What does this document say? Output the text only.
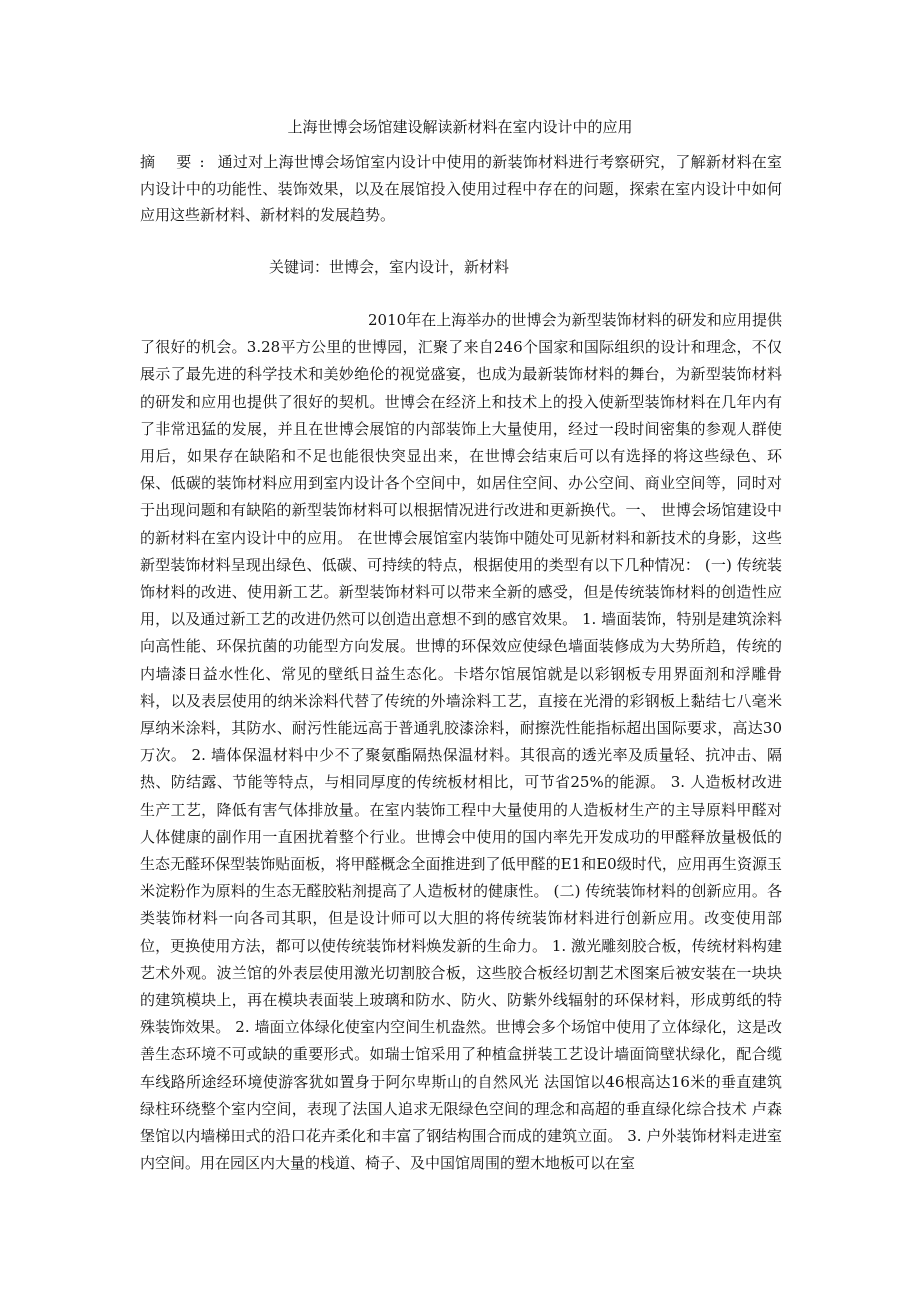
上海世博会场馆建设解读新材料在室内设计中的应用

摘 要: 通过对上海世博会场馆室内设计中使用的新装饰材料进行考察研究，了解新材料在室内设计中的功能性、装饰效果，以及在展馆投入使用过程中存在的问题，探索在室内设计中如何应用这些新材料、新材料的发展趋势。

关键词：世博会，室内设计，新材料

2010年在上海举办的世博会为新型装饰材料的研发和应用提供了很好的机会。3.28平方公里的世博园，汇聚了来自246个国家和国际组织的设计和理念，不仅展示了最先进的科学技术和美妙绝伦的视觉盛宴，也成为最新装饰材料的舞台，为新型装饰材料的研发和应用也提供了很好的契机。世博会在经济上和技术上的投入使新型装饰材料在几年内有了非常迅猛的发展，并且在世博会展馆的内部装饰上大量使用，经过一段时间密集的参观人群使用后，如果存在缺陷和不足也能很快突显出来，在世博会结束后可以有选择的将这些绿色、环保、低碳的装饰材料应用到室内设计各个空间中，如居住空间、办公空间、商业空间等，同时对于出现问题和有缺陷的新型装饰材料可以根据情况进行改进和更新换代。一、 世博会场馆建设中的新材料在室内设计中的应用。 在世博会展馆室内装饰中随处可见新材料和新技术的身影，这些新型装饰材料呈现出绿色、低碳、可持续的特点，根据使用的类型有以下几种情况： (一) 传统装饰材料的改进、使用新工艺。新型装饰材料可以带来全新的感受，但是传统装饰材料的创造性应用，以及通过新工艺的改进仍然可以创造出意想不到的感官效果。 1. 墙面装饰，特别是建筑涂料向高性能、环保抗菌的功能型方向发展。世博的环保效应使绿色墙面装修成为大势所趋，传统的内墙漆日益水性化、常见的壁纸日益生态化。卡塔尔馆展馆就是以彩钢板专用界面剂和浮雕骨料，以及表层使用的纳米涂料代替了传统的外墙涂料工艺，直接在光滑的彩钢板上黏结七八毫米厚纳米涂料，其防水、耐污性能远高于普通乳胶漆涂料，耐擦洗性能指标超出国际要求，高达30万次。 2. 墙体保温材料中少不了聚氨酯隔热保温材料。其很高的透光率及质量轻、抗冲击、隔热、防结露、节能等特点，与相同厚度的传统板材相比，可节省25%的能源。 3. 人造板材改进生产工艺，降低有害气体排放量。在室内装饰工程中大量使用的人造板材生产的主导原料甲醛对人体健康的副作用一直困扰着整个行业。世博会中使用的国内率先开发成功的甲醛释放量极低的生态无醛环保型装饰贴面板，将甲醛概念全面推进到了低甲醛的E1和E0级时代，应用再生资源玉米淀粉作为原料的生态无醛胶粘剂提高了人造板材的健康性。 (二) 传统装饰材料的创新应用。各类装饰材料一向各司其职，但是设计师可以大胆的将传统装饰材料进行创新应用。改变使用部位，更换使用方法，都可以使传统装饰材料焕发新的生命力。 1. 激光雕刻胶合板，传统材料构建艺术外观。波兰馆的外表层使用激光切割胶合板，这些胶合板经切割艺术图案后被安装在一块块的建筑模块上，再在模块表面装上玻璃和防水、防火、防紫外线辐射的环保材料，形成剪纸的特殊装饰效果。 2. 墙面立体绿化使室内空间生机盎然。世博会多个场馆中使用了立体绿化，这是改善生态环境不可或缺的重要形式。如瑞士馆采用了种植盒拼装工艺设计墙面筒壁状绿化，配合缆车线路所途经环境使游客犹如置身于阿尔卑斯山的自然风光 法国馆以46根高达16米的垂直建筑绿柱环绕整个室内空间，表现了法国人追求无限绿色空间的理念和高超的垂直绿化综合技术 卢森堡馆以内墙梯田式的沿口花卉柔化和丰富了钢结构围合而成的建筑立面。 3. 户外装饰材料走进室内空间。用在园区内大量的栈道、椅子、及中国馆周围的塑木地板可以在室
